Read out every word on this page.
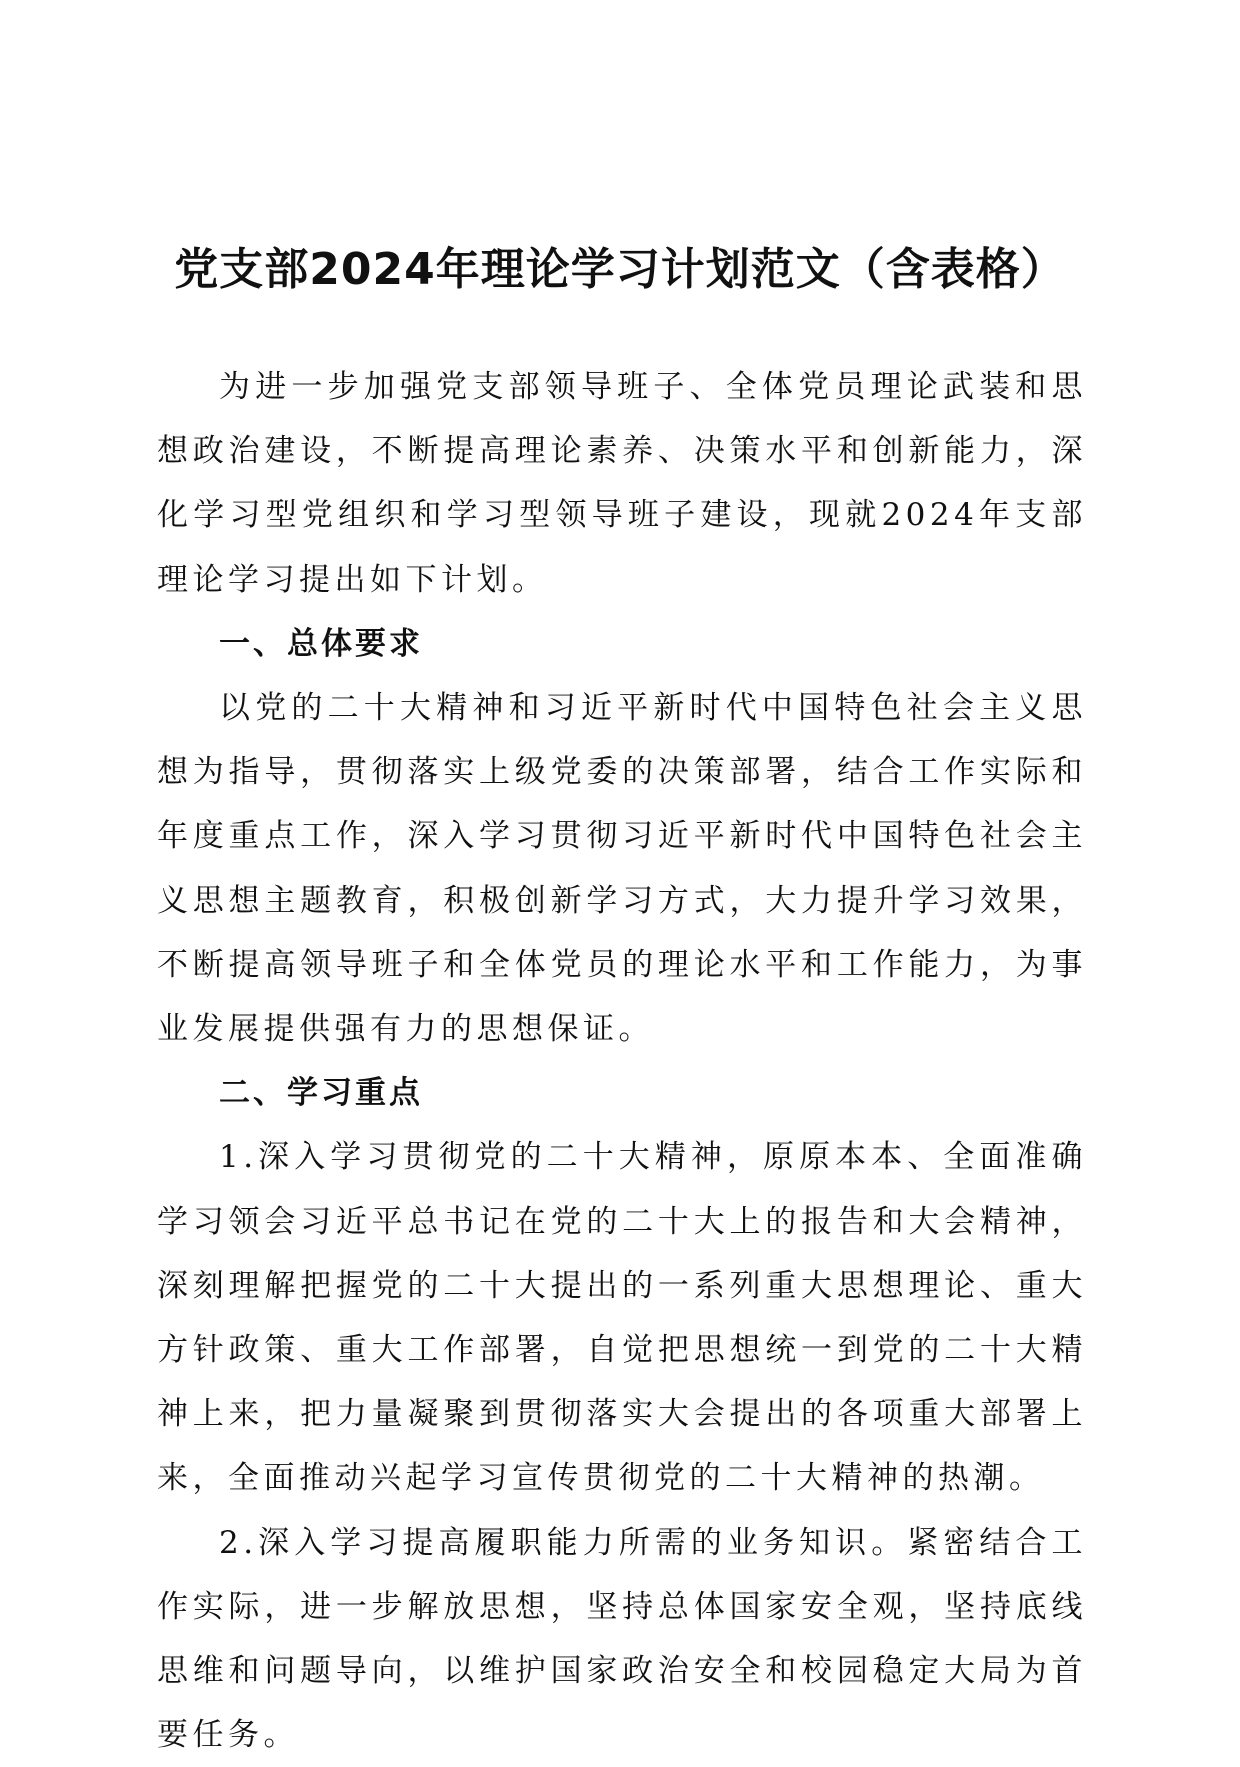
党支部2024年理论学习计划范文（含表格）

为进一步加强党支部领导班子、全体党员理论武装和思想政治建设，不断提高理论素养、决策水平和创新能力，深化学习型党组织和学习型领导班子建设，现就2024年支部理论学习提出如下计划。

一、总体要求

以党的二十大精神和习近平新时代中国特色社会主义思想为指导，贯彻落实上级党委的决策部署，结合工作实际和年度重点工作，深入学习贯彻习近平新时代中国特色社会主义思想主题教育，积极创新学习方式，大力提升学习效果，不断提高领导班子和全体党员的理论水平和工作能力，为事业发展提供强有力的思想保证。

二、学习重点

1.深入学习贯彻党的二十大精神，原原本本、全面准确学习领会习近平总书记在党的二十大上的报告和大会精神，深刻理解把握党的二十大提出的一系列重大思想理论、重大方针政策、重大工作部署，自觉把思想统一到党的二十大精神上来，把力量凝聚到贯彻落实大会提出的各项重大部署上来，全面推动兴起学习宣传贯彻党的二十大精神的热潮。

2.深入学习提高履职能力所需的业务知识。紧密结合工作实际，进一步解放思想，坚持总体国家安全观，坚持底线思维和问题导向，以维护国家政治安全和校园稳定大局为首要任务。
